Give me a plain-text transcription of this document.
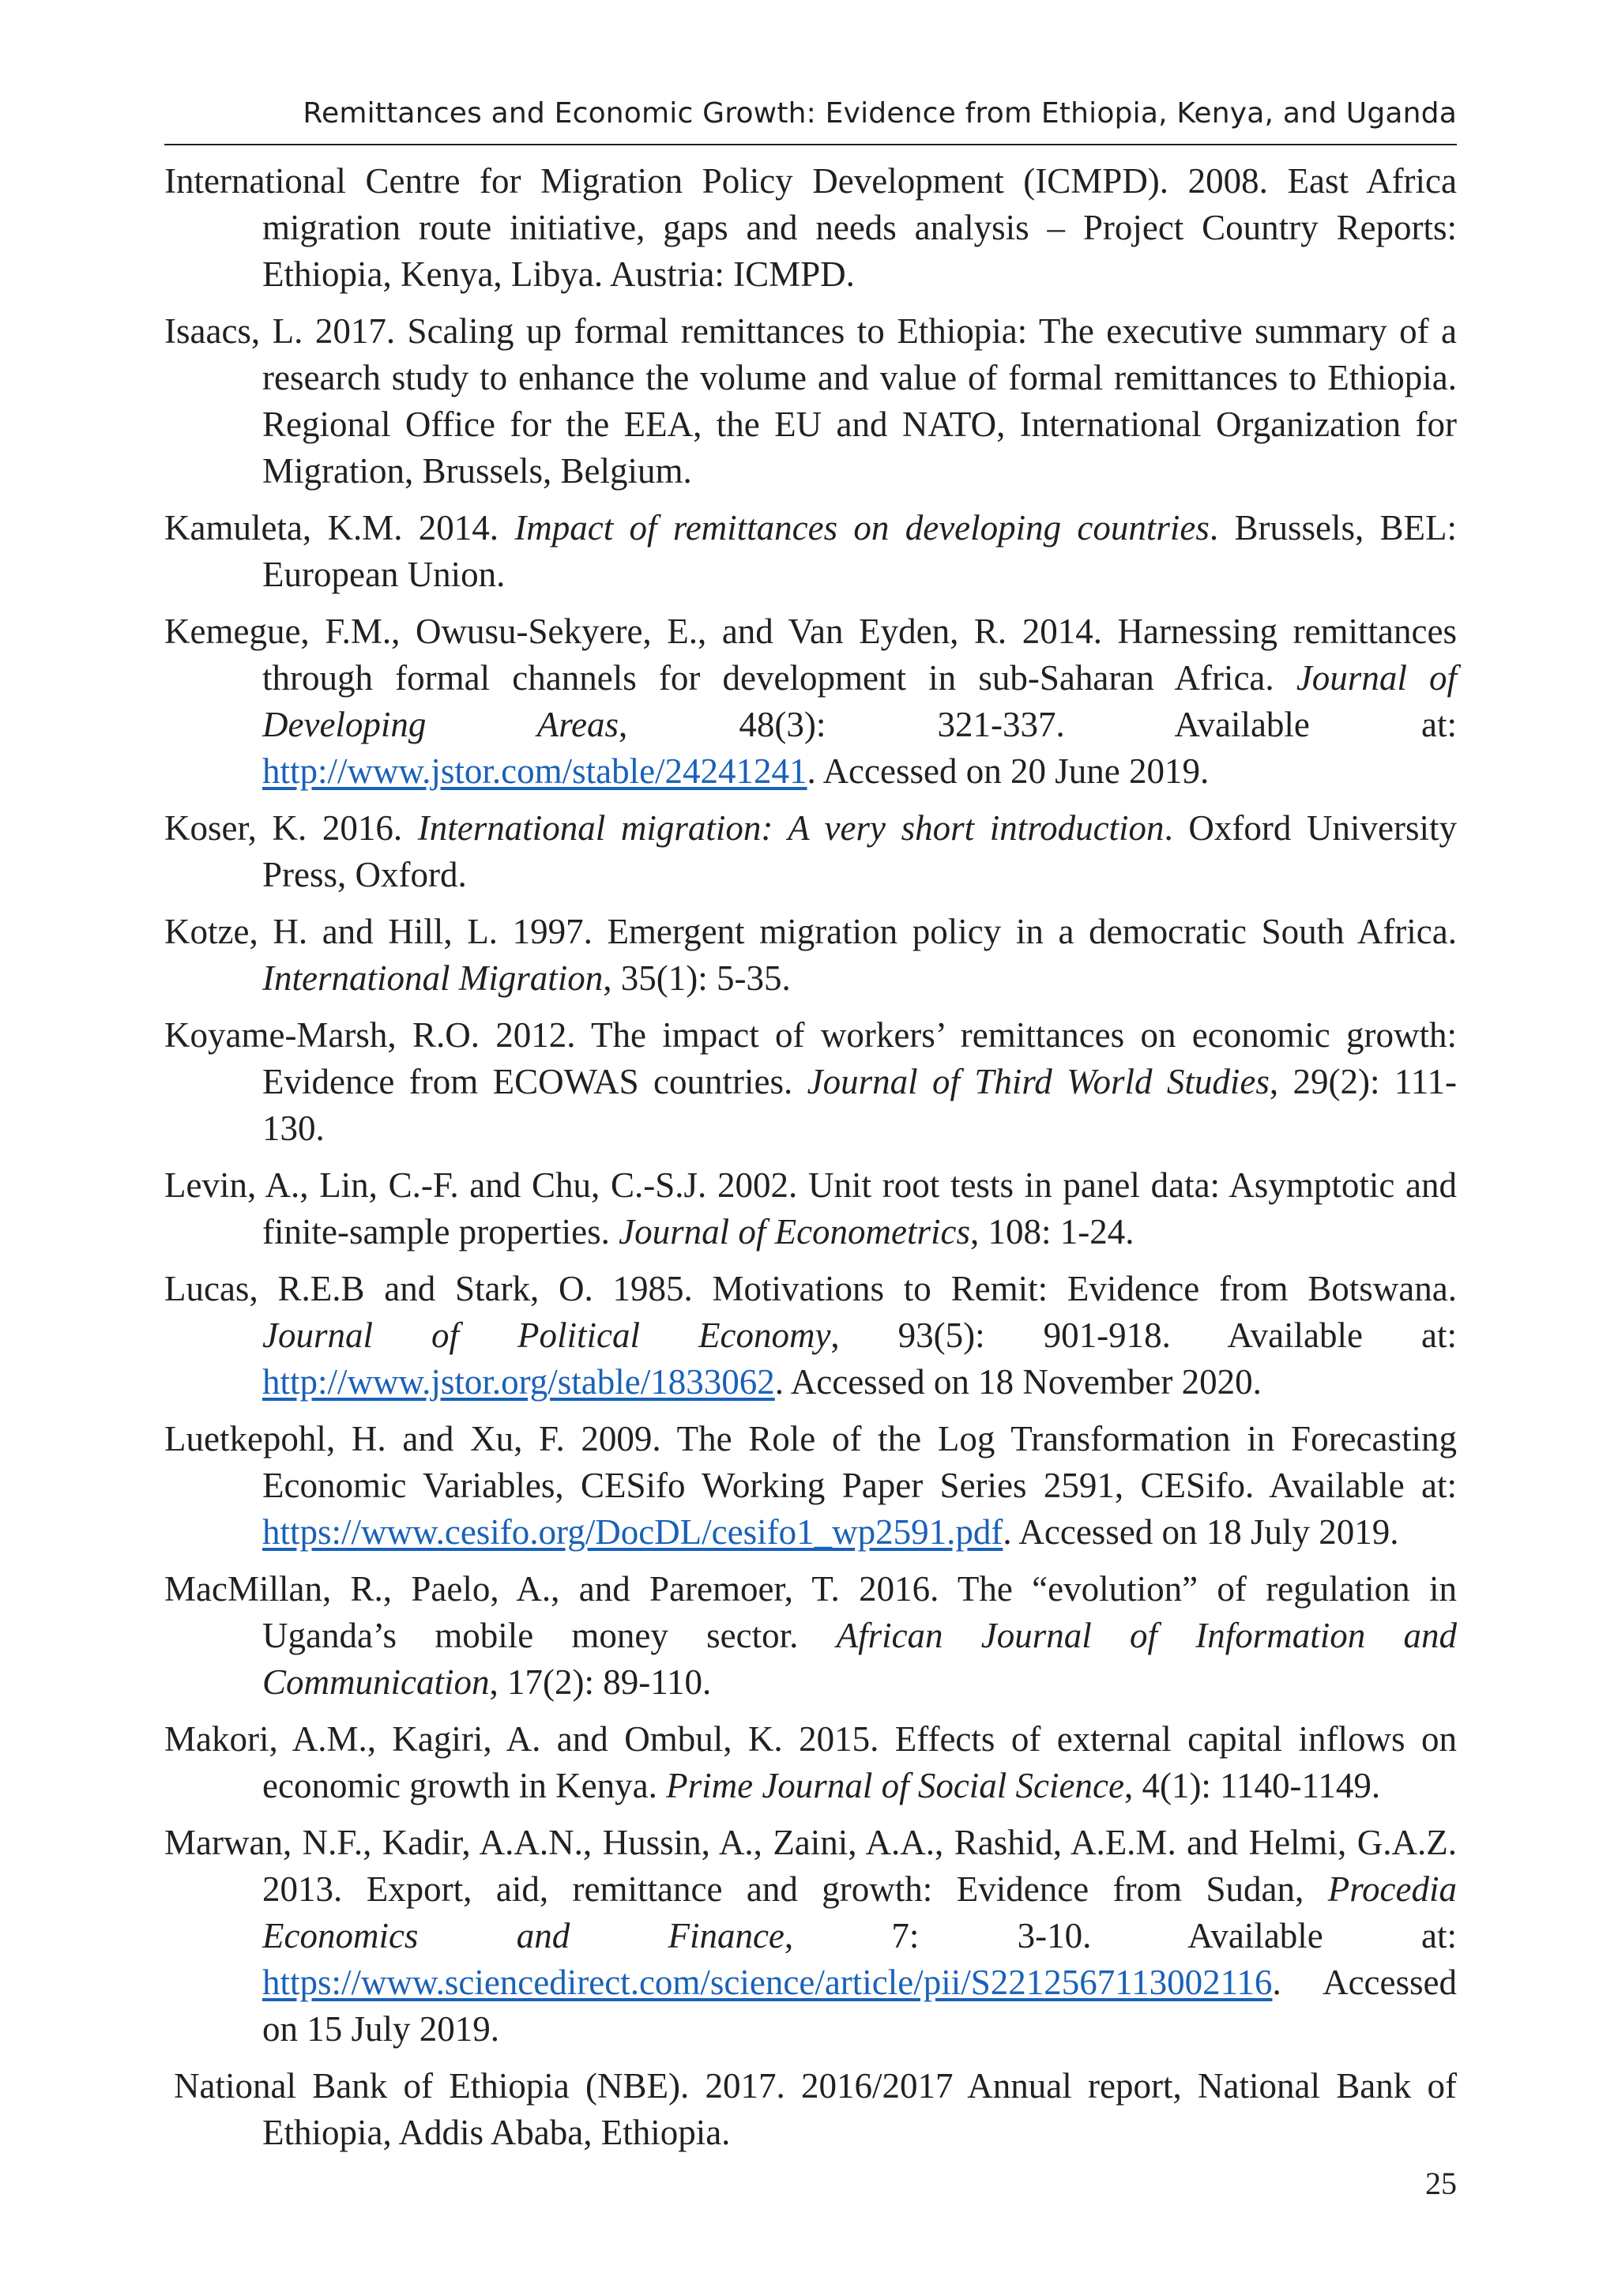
Remittances and Economic Growth: Evidence from Ethiopia, Kenya, and Uganda

International Centre for Migration Policy Development (ICMPD). 2008. East Africa migration route initiative, gaps and needs analysis – Project Country Reports: Ethiopia, Kenya, Libya. Austria: ICMPD.

Isaacs, L. 2017. Scaling up formal remittances to Ethiopia: The executive summary of a research study to enhance the volume and value of formal remittances to Ethiopia. Regional Office for the EEA, the EU and NATO, International Organization for Migration, Brussels, Belgium.

Kamuleta, K.M. 2014. Impact of remittances on developing countries. Brussels, BEL: European Union.

Kemegue, F.M., Owusu-Sekyere, E., and Van Eyden, R. 2014. Harnessing remittances through formal channels for development in sub-Saharan Africa. Journal of Developing Areas, 48(3): 321-337. Available at: http://www.jstor.com/stable/24241241. Accessed on 20 June 2019.

Koser, K. 2016. International migration: A very short introduction. Oxford University Press, Oxford.

Kotze, H. and Hill, L. 1997. Emergent migration policy in a democratic South Africa. International Migration, 35(1): 5-35.

Koyame-Marsh, R.O. 2012. The impact of workers’ remittances on economic growth: Evidence from ECOWAS countries. Journal of Third World Studies, 29(2): 111-130.

Levin, A., Lin, C.-F. and Chu, C.-S.J. 2002. Unit root tests in panel data: Asymptotic and finite-sample properties. Journal of Econometrics, 108: 1-24.

Lucas, R.E.B and Stark, O. 1985. Motivations to Remit: Evidence from Botswana. Journal of Political Economy, 93(5): 901-918. Available at: http://www.jstor.org/stable/1833062. Accessed on 18 November 2020.

Luetkepohl, H. and Xu, F. 2009. The Role of the Log Transformation in Forecasting Economic Variables, CESifo Working Paper Series 2591, CESifo. Available at: https://www.cesifo.org/DocDL/cesifo1_wp2591.pdf. Accessed on 18 July 2019.

MacMillan, R., Paelo, A., and Paremoer, T. 2016. The “evolution” of regulation in Uganda’s mobile money sector. African Journal of Information and Communication, 17(2): 89-110.

Makori, A.M., Kagiri, A. and Ombul, K. 2015. Effects of external capital inflows on economic growth in Kenya. Prime Journal of Social Science, 4(1): 1140-1149.

Marwan, N.F., Kadir, A.A.N., Hussin, A., Zaini, A.A., Rashid, A.E.M. and Helmi, G.A.Z. 2013. Export, aid, remittance and growth: Evidence from Sudan, Procedia Economics and Finance, 7: 3-10. Available at: https://www.sciencedirect.com/science/article/pii/S2212567113002116. Accessed on 15 July 2019.

National Bank of Ethiopia (NBE). 2017. 2016/2017 Annual report, National Bank of Ethiopia, Addis Ababa, Ethiopia.

25
